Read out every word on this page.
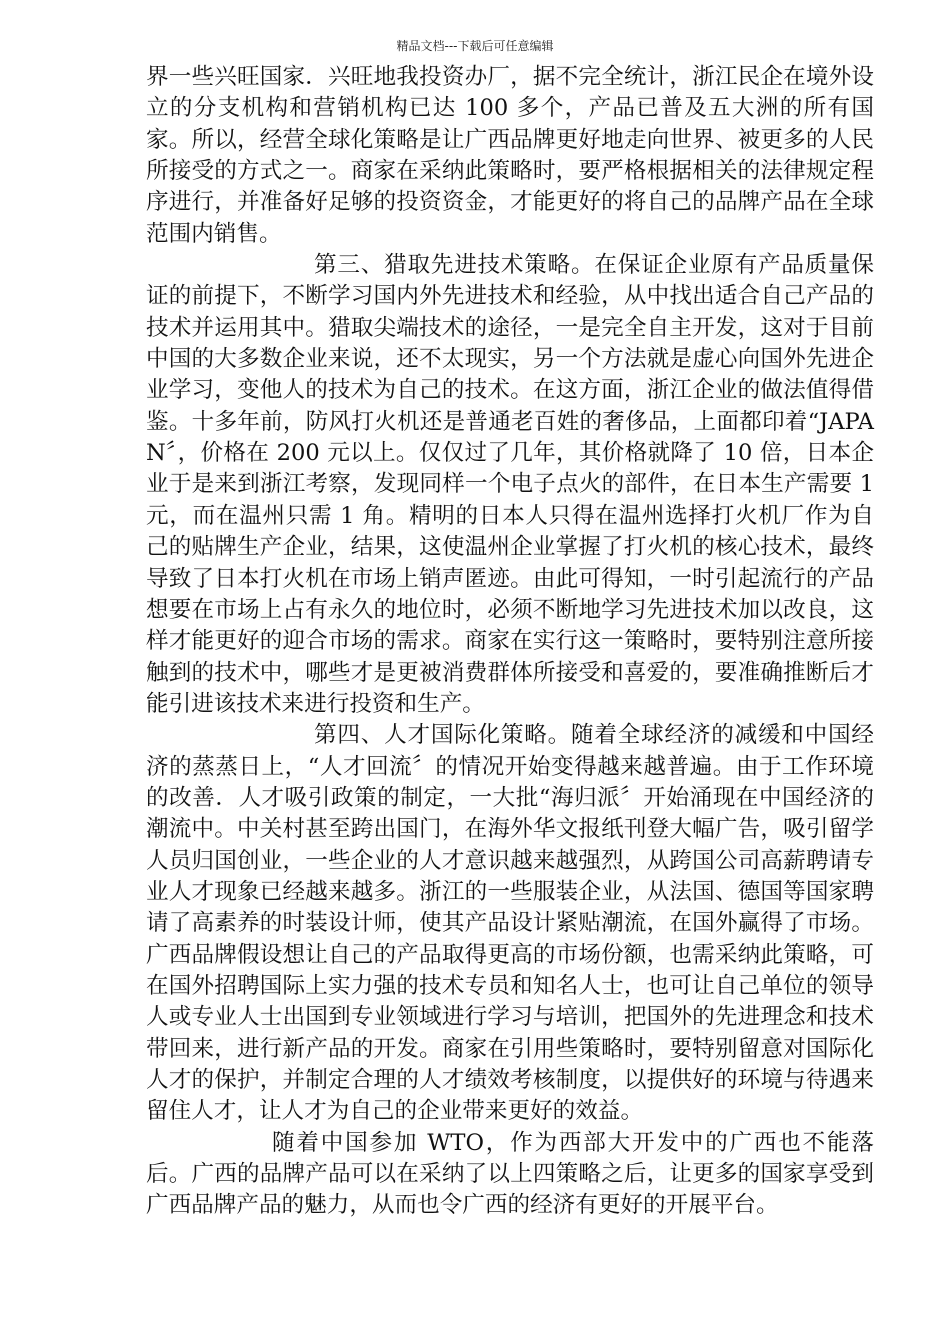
精品文档---下载后可任意编辑

界一些兴旺国家．兴旺地我投资办厂，据不完全统计，浙江民企在境外设立的分支机构和营销机构已达 100 多个，产品已普及五大洲的所有国家。所以，经营全球化策略是让广西品牌更好地走向世界、被更多的人民所接受的方式之一。商家在采纳此策略时，要严格根据相关的法律规定程序进行，并准备好足够的投资资金，才能更好的将自己的品牌产品在全球范围内销售。

第三、猎取先进技术策略。在保证企业原有产品质量保证的前提下，不断学习国内外先进技术和经验，从中找出适合自己产品的技术并运用其中。猎取尖端技术的途径，一是完全自主开发，这对于目前中国的大多数企业来说，还不太现实，另一个方法就是虚心向国外先进企业学习，变他人的技术为自己的技术。在这方面，浙江企业的做法值得借鉴。十多年前，防风打火机还是普通老百姓的奢侈品，上面都印着“JAPAN〞，价格在 200 元以上。仅仅过了几年，其价格就降了 10 倍，日本企业于是来到浙江考察，发现同样一个电子点火的部件，在日本生产需要 1 元，而在温州只需 1 角。精明的日本人只得在温州选择打火机厂作为自己的贴牌生产企业，结果，这使温州企业掌握了打火机的核心技术，最终导致了日本打火机在市场上销声匿迹。由此可得知，一时引起流行的产品想要在市场上占有永久的地位时，必须不断地学习先进技术加以改良，这样才能更好的迎合市场的需求。商家在实行这一策略时，要特别注意所接触到的技术中，哪些才是更被消费群体所接受和喜爱的，要准确推断后才能引进该技术来进行投资和生产。

第四、人才国际化策略。随着全球经济的减缓和中国经济的蒸蒸日上，“人才回流〞的情况开始变得越来越普遍。由于工作环境的改善．人才吸引政策的制定，一大批“海归派〞开始涌现在中国经济的潮流中。中关村甚至跨出国门，在海外华文报纸刊登大幅广告，吸引留学人员归国创业，一些企业的人才意识越来越强烈，从跨国公司高薪聘请专业人才现象已经越来越多。浙江的一些服装企业，从法国、德国等国家聘请了高素养的时装设计师，使其产品设计紧贴潮流，在国外赢得了市场。广西品牌假设想让自己的产品取得更高的市场份额，也需采纳此策略，可在国外招聘国际上实力强的技术专员和知名人士，也可让自己单位的领导人或专业人士出国到专业领域进行学习与培训，把国外的先进理念和技术带回来，进行新产品的开发。商家在引用些策略时，要特别留意对国际化人才的保护，并制定合理的人才绩效考核制度，以提供好的环境与待遇来留住人才，让人才为自己的企业带来更好的效益。

随着中国参加 WTO，作为西部大开发中的广西也不能落后。广西的品牌产品可以在采纳了以上四策略之后，让更多的国家享受到广西品牌产品的魅力，从而也令广西的经济有更好的开展平台。
